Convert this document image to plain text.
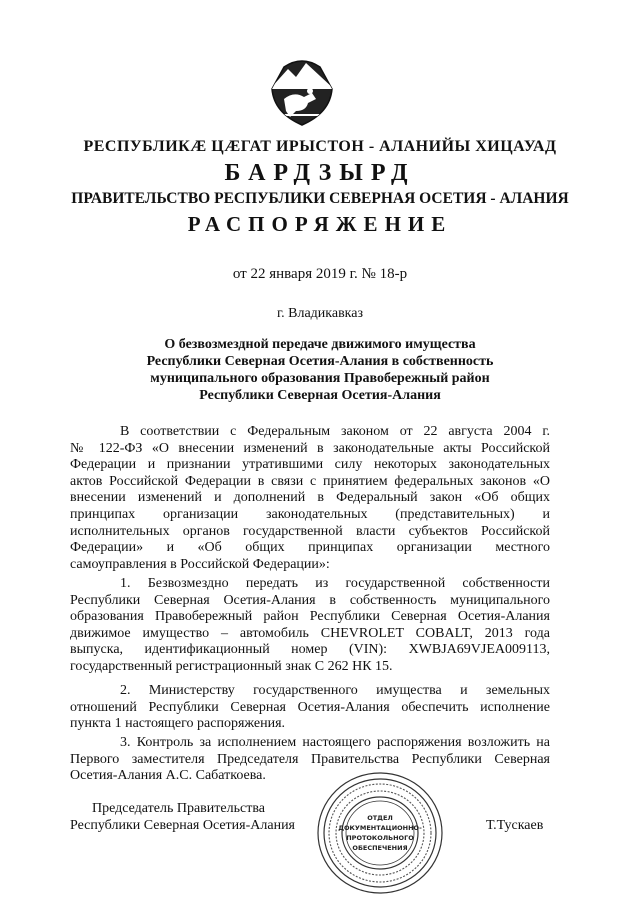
РЕСПУБЛИКӔ ЦӔГАТ ИРЫСТОН - АЛАНИЙЫ ХИЦАУАД
БАРДЗЫРД
ПРАВИТЕЛЬСТВО РЕСПУБЛИКИ СЕВЕРНАЯ ОСЕТИЯ - АЛАНИЯ
РАСПОРЯЖЕНИЕ
от 22 января 2019 г. № 18-р
г. Владикавказ
О безвозмездной передаче движимого имущества
Республики Северная Осетия-Алания в собственность
муниципального образования Правобережный район
Республики Северная Осетия-Алания
В соответствии с Федеральным законом от 22 августа 2004 г.
№ 122-ФЗ «О внесении изменений в законодательные акты Российской
Федерации и признании утратившими силу некоторых законодательных
актов Российской Федерации в связи с принятием федеральных законов «О
внесении изменений и дополнений в Федеральный закон «Об общих
принципах организации законодательных (представительных) и
исполнительных органов государственной власти субъектов Российской
Федерации» и «Об общих принципах организации местного
самоуправления в Российской Федерации»:
1. Безвозмездно передать из государственной собственности
Республики Северная Осетия-Алания в собственность муниципального
образования Правобережный район Республики Северная Осетия-Алания
движимое имущество – автомобиль CHEVROLET COBALT, 2013 года
выпуска, идентификационный номер (VIN): XWBJA69VJEA009113,
государственный регистрационный знак С 262 НК 15.
2. Министерству государственного имущества и земельных
отношений Республики Северная Осетия-Алания обеспечить исполнение
пункта 1 настоящего распоряжения.
3. Контроль за исполнением настоящего распоряжения возложить на
Первого заместителя Председателя Правительства Республики Северная
Осетия-Алания А.С. Сабаткоева.
Председатель Правительства
Республики Северная Осетия-Алания	Т.Тускаев
ОТДЕЛ
ДОКУМЕНТАЦИОННО-
ПРОТОКОЛЬНОГО
ОБЕСПЕЧЕНИЯ
